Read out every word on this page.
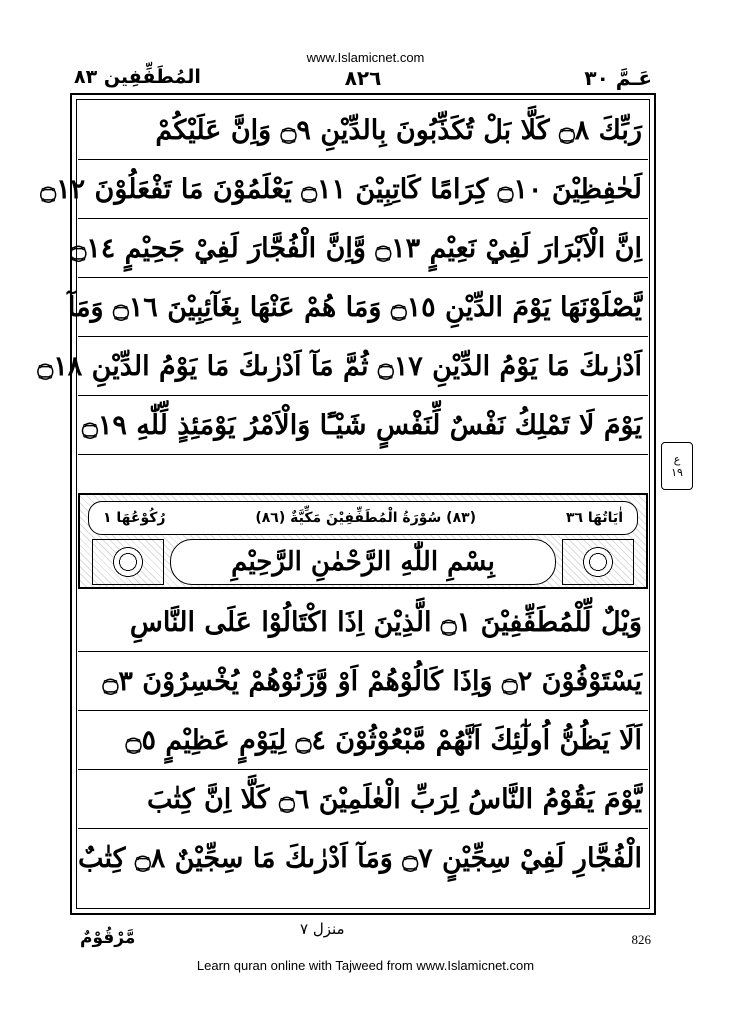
www.Islamicnet.com
المُطَفِّفِين ٨٣	٨٢٦	عَـمَّ ٣٠
رَبِّكَ ۝٨ كَلَّا بَلْ تُكَذِّبُونَ بِالدِّيْنِ ۝٩ وَاِنَّ عَلَيْكُمْ
لَحٰفِظِيْنَ ۝١٠ كِرَامًا كَاتِبِيْنَ ۝١١ يَعْلَمُوْنَ مَا تَفْعَلُوْنَ ۝١٢
اِنَّ الْاَبْرَارَ لَفِيْ نَعِيْمٍ ۝١٣ وَّاِنَّ الْفُجَّارَ لَفِيْ جَحِيْمٍ ۝١٤
يَّصْلَوْنَهَا يَوْمَ الدِّيْنِ ۝١٥ وَمَا هُمْ عَنْهَا بِغَآئِبِيْنَ ۝١٦ وَمَآ
اَدْرٰىكَ مَا يَوْمُ الدِّيْنِ ۝١٧ ثُمَّ مَآ اَدْرٰىكَ مَا يَوْمُ الدِّيْنِ ۝١٨
يَوْمَ لَا تَمْلِكُ نَفْسٌ لِّنَفْسٍ شَيْـًٔا وَالْاَمْرُ يَوْمَئِذٍ لِّلّٰهِ ۝١٩
اٰيَاتُهَا ٣٦
(٨٣) سُوْرَةُ الْمُطَفِّفِيْنَ مَكِّيَّةٌ (٨٦)
رُكُوْعُهَا ١
بِسْمِ اللّٰهِ الرَّحْمٰنِ الرَّحِيْمِ
وَيْلٌ لِّلْمُطَفِّفِيْنَ ۝١ الَّذِيْنَ اِذَا اكْتَالُوْا عَلَى النَّاسِ
يَسْتَوْفُوْنَ ۝٢ وَاِذَا كَالُوْهُمْ اَوْ وَّزَنُوْهُمْ يُخْسِرُوْنَ ۝٣
اَلَا يَظُنُّ اُولٰٓئِكَ اَنَّهُمْ مَّبْعُوْثُوْنَ ۝٤ لِيَوْمٍ عَظِيْمٍ ۝٥
يَّوْمَ يَقُوْمُ النَّاسُ لِرَبِّ الْعٰلَمِيْنَ ۝٦ كَلَّا اِنَّ كِتٰبَ
الْفُجَّارِ لَفِيْ سِجِّيْنٍ ۝٧ وَمَآ اَدْرٰىكَ مَا سِجِّيْنٌ ۝٨ كِتٰبٌ
ع
١٩
مَّرْقُوْمٌ	منزل ٧
826
Learn quran online with Tajweed from www.Islamicnet.com
